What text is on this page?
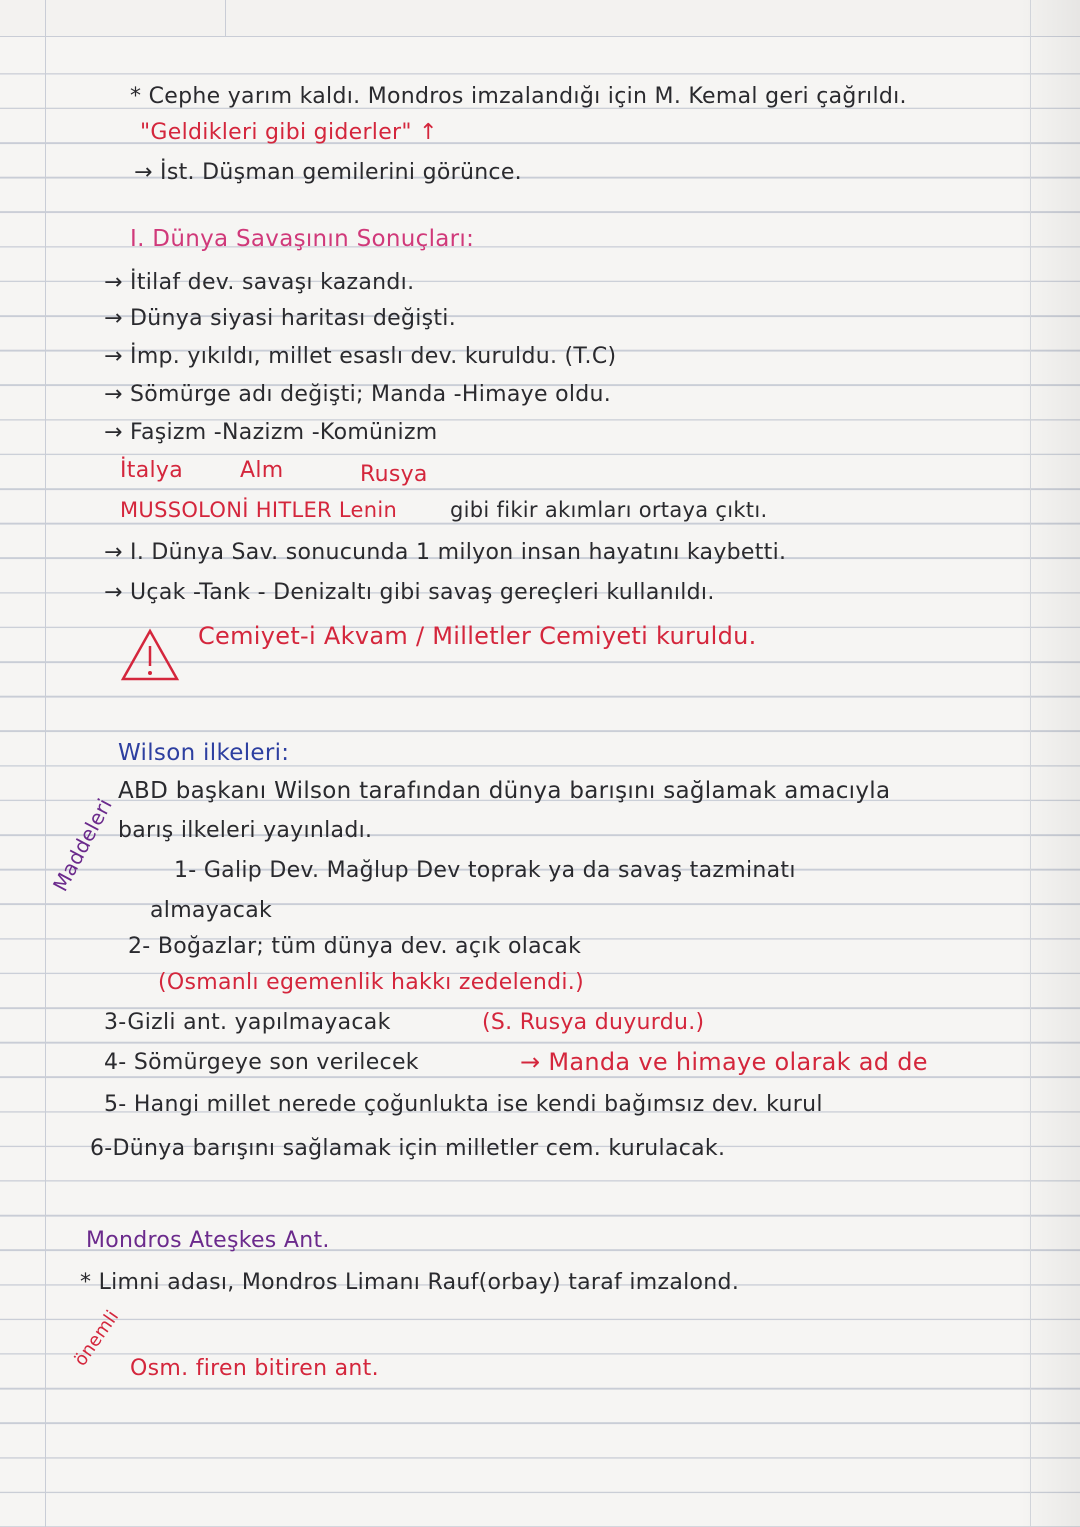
* Cephe yarım kaldı. Mondros imzalandığı için M. Kemal geri çağrıldı.
"Geldikleri gibi giderler" ↑
→ İst. Düşman gemilerini görünce.
I. Dünya Savaşının Sonuçları:
→ İtilaf dev. savaşı kazandı.
→ Dünya siyasi haritası değişti.
→ İmp. yıkıldı, millet esaslı dev. kuruldu. (T.C)
→ Sömürge adı değişti; Manda -Himaye oldu.
→ Faşizm -Nazizm -Komünizm
İtalya	Alm	Rusya
MUSSOLONİ HITLER Lenin	gibi fikir akımları ortaya çıktı.
→ I. Dünya Sav. sonucunda 1 milyon insan hayatını kaybetti.
→ Uçak -Tank - Denizaltı gibi savaş gereçleri kullanıldı.
Cemiyet-i Akvam / Milletler Cemiyeti kuruldu.
Wilson ilkeleri:
ABD başkanı Wilson tarafından dünya barışını sağlamak amacıyla
barış ilkeleri yayınladı.
Maddeleri	1- Galip Dev. Mağlup Dev toprak ya da savaş tazminatı
almayacak
2- Boğazlar; tüm dünya dev. açık olacak
(Osmanlı egemenlik hakkı zedelendi.)
3-Gizli ant. yapılmayacak	(S. Rusya duyurdu.)
4- Sömürgeye son verilecek	→ Manda ve himaye olarak ad de
5- Hangi millet nerede çoğunlukta ise kendi bağımsız dev. kurul
6-Dünya barışını sağlamak için milletler cem. kurulacak.
Mondros Ateşkes Ant.
* Limni adası, Mondros Limanı Rauf(orbay) taraf imzalond.
önemli Osm. firen bitiren ant.
